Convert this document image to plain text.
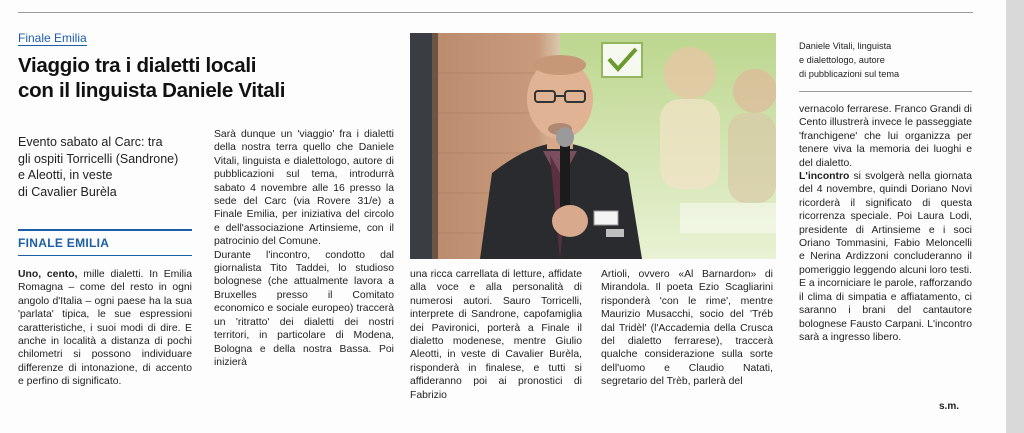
Finale Emilia
Viaggio tra i dialetti locali
con il linguista Daniele Vitali
Evento sabato al Carc: tra
gli ospiti Torricelli (Sandrone)
e Aleotti, in veste
di Cavalier Burèla
FINALE EMILIA

Uno, cento, mille dialetti. In Emilia Romagna – come del resto in ogni angolo d'Italia – ogni paese ha la sua 'parlata' tipica, le sue espressioni caratteristiche, i suoi modi di dire. E anche in località a distanza di pochi chilometri si possono individuare differenze di intonazione, di accento e perfino di significato.

Sarà dunque un 'viaggio' fra i dialetti della nostra terra quello che Daniele Vitali, linguista e dialettologo, autore di pubblicazioni sul tema, introdurrà sabato 4 novembre alle 16 presso la sede del Carc (via Rovere 31/e) a Finale Emilia, per iniziativa del circolo e dell'associazione Artinsieme, con il patrocinio del Comune.

Durante l'incontro, condotto dal giornalista Tito Taddei, lo studioso bolognese (che attualmente lavora a Bruxelles presso il Comitato economico e sociale europeo) traccerà un 'ritratto' dei dialetti dei nostri territori, in particolare di Modena, Bologna e della nostra Bassa. Poi inizierà

Daniele Vitali, linguista
e dialettologo, autore
di pubblicazioni sul tema

una ricca carrellata di letture, affidate alla voce e alla personalità di numerosi autori. Sauro Torricelli, interprete di Sandrone, capofamiglia dei Pavironici, porterà a Finale il dialetto modenese, mentre Giulio Aleotti, in veste di Cavalier Burèla, risponderà in finalese, e tutti si affideranno poi ai pronostici di Fabrizio

Artioli, ovvero «Al Barnardon» di Mirandola. Il poeta Ezio Scagliarini risponderà 'con le rime', mentre Maurizio Musacchi, socio del 'Tréb dal Tridèl' (l'Accademia della Crusca del dialetto ferrarese), traccerà qualche considerazione sulla sorte dell'uomo e Claudio Natati, segretario del Trèb, parlerà del

vernacolo ferrarese. Franco Grandi di Cento illustrerà invece le passeggiate 'franchigene' che lui organizza per tenere viva la memoria dei luoghi e del dialetto.

L'incontro si svolgerà nella giornata del 4 novembre, quindi Doriano Novi ricorderà il significato di questa ricorrenza speciale. Poi Laura Lodi, presidente di Artinsieme e i soci Oriano Tommasini, Fabio Meloncelli e Nerina Ardizzoni concluderanno il pomeriggio leggendo alcuni loro testi. E a incorniciare le parole, rafforzando il clima di simpatia e affiatamento, ci saranno i brani del cantautore bolognese Fausto Carpani. L'incontro sarà a ingresso libero.

s.m.
